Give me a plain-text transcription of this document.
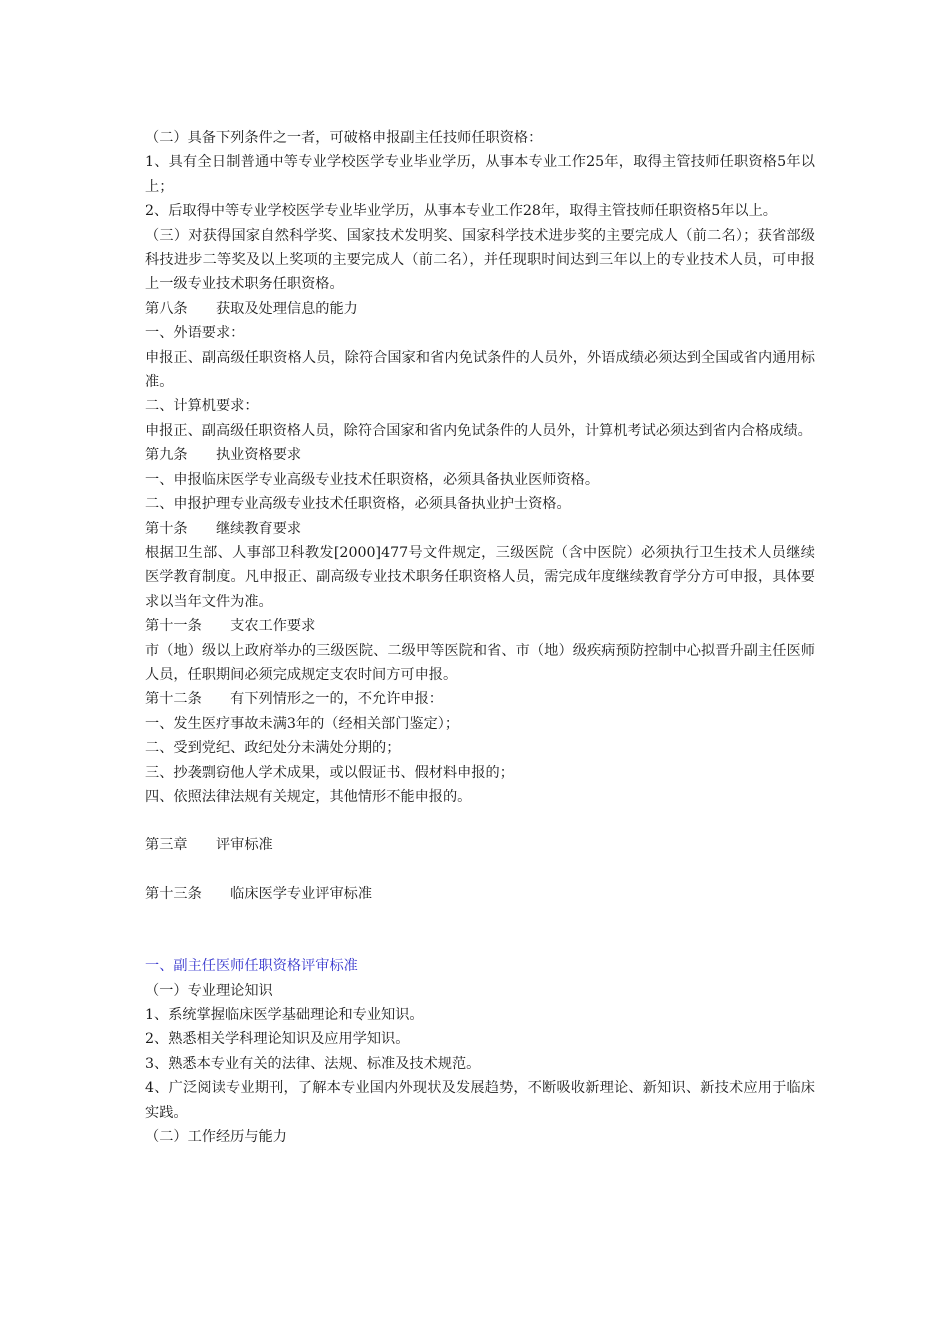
（二）具备下列条件之一者，可破格申报副主任技师任职资格：

1、具有全日制普通中等专业学校医学专业毕业学历，从事本专业工作25年，取得主管技师任职资格5年以上；

2、后取得中等专业学校医学专业毕业学历，从事本专业工作28年，取得主管技师任职资格5年以上。

（三）对获得国家自然科学奖、国家技术发明奖、国家科学技术进步奖的主要完成人（前二名）；获省部级科技进步二等奖及以上奖项的主要完成人（前二名），并任现职时间达到三年以上的专业技术人员，可申报上一级专业技术职务任职资格。

第八条　　获取及处理信息的能力

一、外语要求：

申报正、副高级任职资格人员，除符合国家和省内免试条件的人员外，外语成绩必须达到全国或省内通用标准。

二、计算机要求：

申报正、副高级任职资格人员，除符合国家和省内免试条件的人员外，计算机考试必须达到省内合格成绩。

第九条　　执业资格要求

一、申报临床医学专业高级专业技术任职资格，必须具备执业医师资格。

二、申报护理专业高级专业技术任职资格，必须具备执业护士资格。

第十条　　继续教育要求

根据卫生部、人事部卫科教发[2000]477号文件规定，三级医院（含中医院）必须执行卫生技术人员继续医学教育制度。凡申报正、副高级专业技术职务任职资格人员，需完成年度继续教育学分方可申报，具体要求以当年文件为准。

第十一条　　支农工作要求

市（地）级以上政府举办的三级医院、二级甲等医院和省、市（地）级疾病预防控制中心拟晋升副主任医师人员，任职期间必须完成规定支农时间方可申报。

第十二条　　有下列情形之一的，不允许申报：

一、发生医疗事故未满3年的（经相关部门鉴定）；

二、受到党纪、政纪处分未满处分期的；

三、抄袭剽窃他人学术成果，或以假证书、假材料申报的；

四、依照法律法规有关规定，其他情形不能申报的。

第三章　　评审标准

第十三条　　临床医学专业评审标准

一、副主任医师任职资格评审标准

（一）专业理论知识

1、系统掌握临床医学基础理论和专业知识。

2、熟悉相关学科理论知识及应用学知识。

3、熟悉本专业有关的法律、法规、标准及技术规范。

4、广泛阅读专业期刊，了解本专业国内外现状及发展趋势，不断吸收新理论、新知识、新技术应用于临床实践。

（二）工作经历与能力
